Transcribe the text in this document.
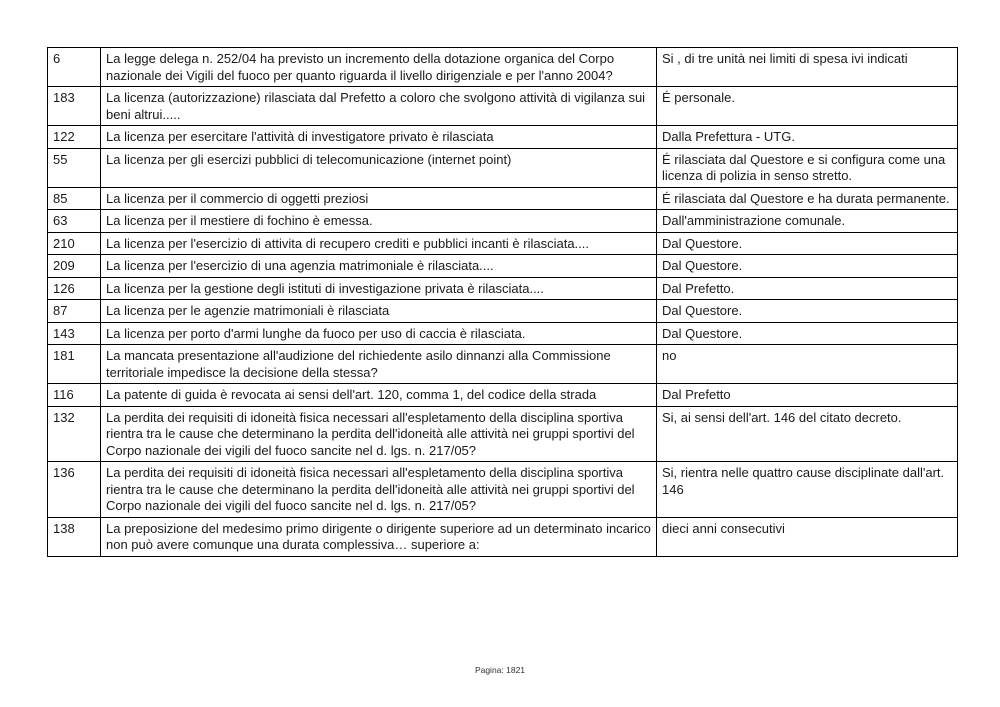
6	La legge delega n. 252/04 ha previsto un incremento della dotazione organica del Corpo nazionale dei Vigili del fuoco per quanto riguarda il livello dirigenziale e per l'anno 2004?	Si , di tre unità nei limiti di spesa ivi indicati
183	La licenza (autorizzazione) rilasciata dal Prefetto a coloro che svolgono attività di vigilanza sui beni altrui.....	É personale.
122	La licenza per esercitare l'attività di investigatore privato è rilasciata	Dalla Prefettura - UTG.
55	La licenza per gli esercizi pubblici di telecomunicazione (internet point)	É rilasciata dal Questore e si configura come una licenza di polizia in senso stretto.
85	La licenza per il commercio di oggetti preziosi	É rilasciata dal Questore e ha durata permanente.
63	La licenza per il mestiere di fochino è emessa.	Dall'amministrazione comunale.
210	La licenza per l'esercizio di attivita di recupero crediti e pubblici incanti è rilasciata....	Dal Questore.
209	La licenza per l'esercizio di una agenzia matrimoniale è rilasciata....	Dal Questore.
126	La licenza per la gestione degli istituti di investigazione privata è rilasciata....	Dal Prefetto.
87	La licenza per le agenzie matrimoniali è rilasciata	Dal Questore.
143	La licenza per porto d'armi lunghe da fuoco per uso di caccia è rilasciata.	Dal Questore.
181	La mancata presentazione all'audizione del richiedente asilo dinnanzi alla Commissione territoriale impedisce la decisione della stessa?	no
116	La patente di guida è revocata ai sensi dell'art. 120, comma 1, del codice della strada	Dal Prefetto
132	La perdita dei requisiti di idoneità fisica necessari all'espletamento della disciplina sportiva rientra tra le cause che determinano la perdita dell'idoneità alle attività nei gruppi sportivi del Corpo nazionale dei vigili del fuoco sancite nel d. lgs. n. 217/05?	Si, ai sensi dell'art. 146 del citato decreto.
136	La perdita dei requisiti di idoneità fisica necessari all'espletamento della disciplina sportiva rientra tra le cause che determinano la perdita dell'idoneità alle attività nei gruppi sportivi del Corpo nazionale dei vigili del fuoco sancite nel d. lgs. n. 217/05?	Si, rientra nelle quattro cause disciplinate dall'art. 146
138	La preposizione del medesimo primo dirigente o dirigente superiore ad un determinato incarico non può avere comunque una durata complessiva… superiore a:	dieci anni consecutivi
Pagina: 1821
